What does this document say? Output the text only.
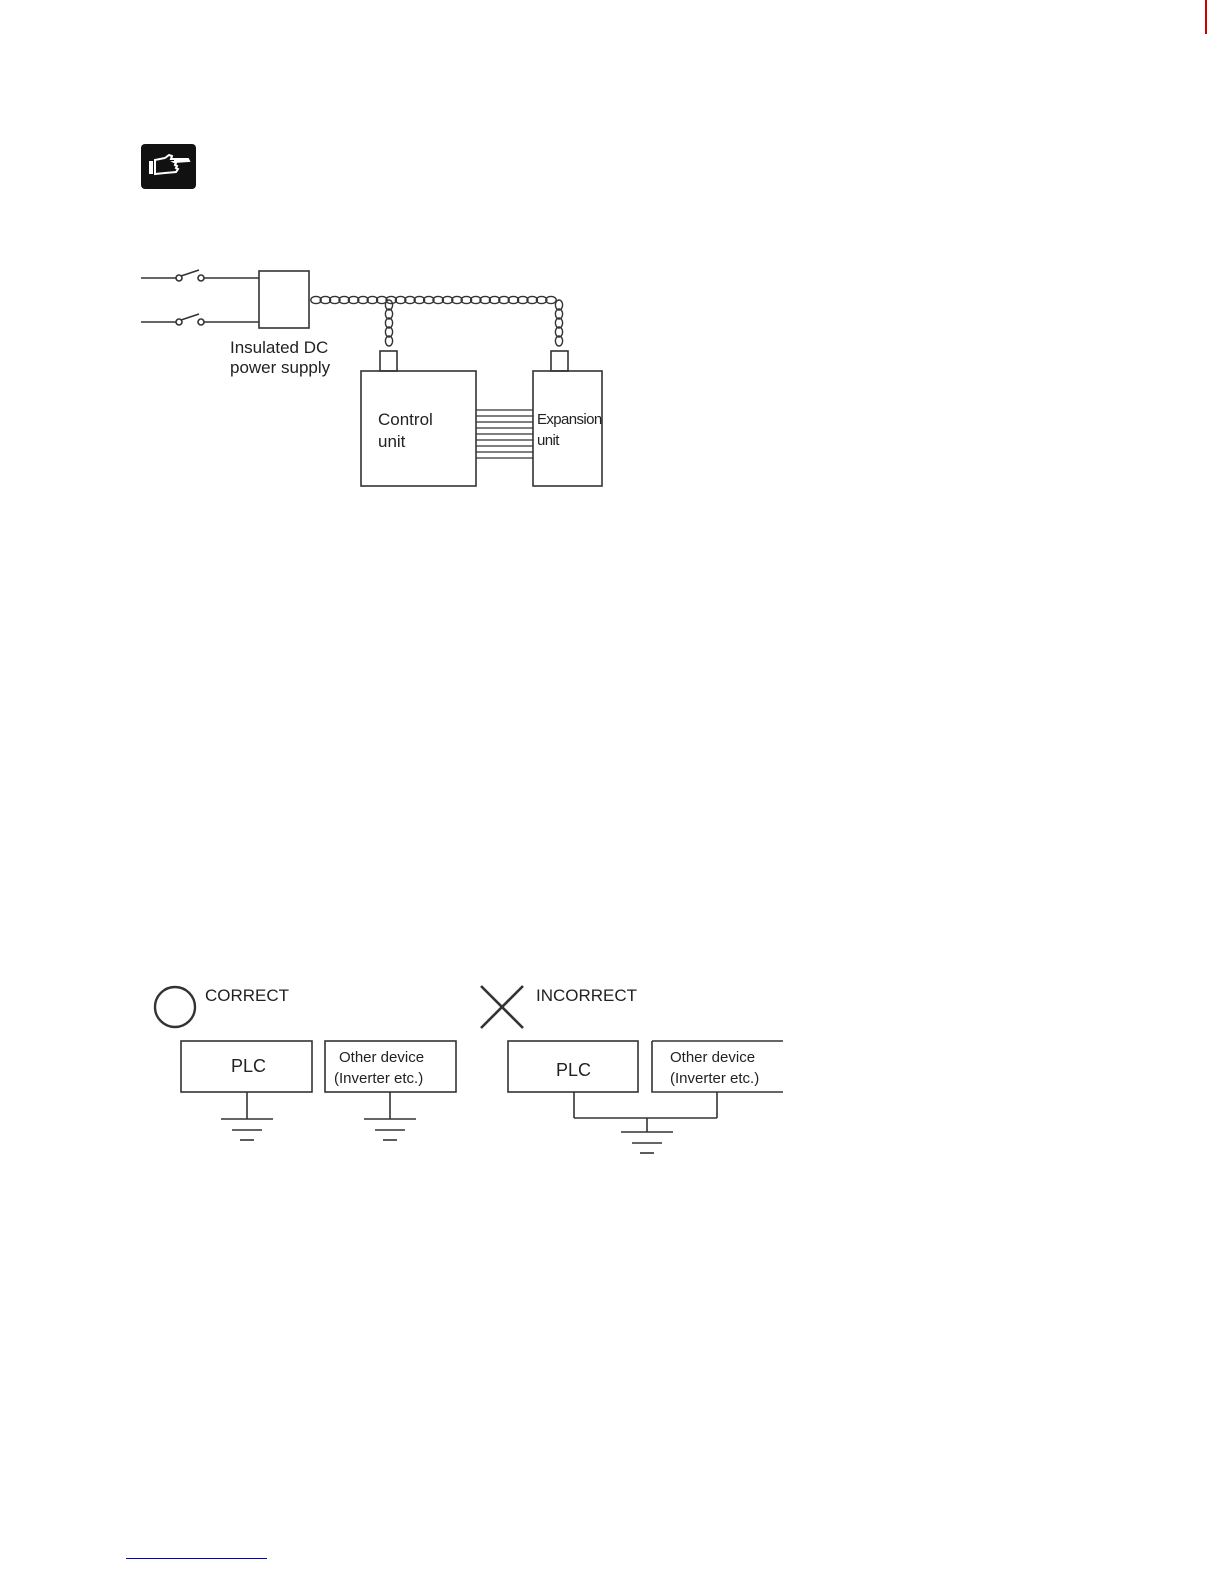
Insulated DC
power supply
Control
unit
Expansion
unit
CORRECT	INCORRECT
PLC	Other device
(Inverter etc.)	PLC
Other device
(Inverter etc.)
